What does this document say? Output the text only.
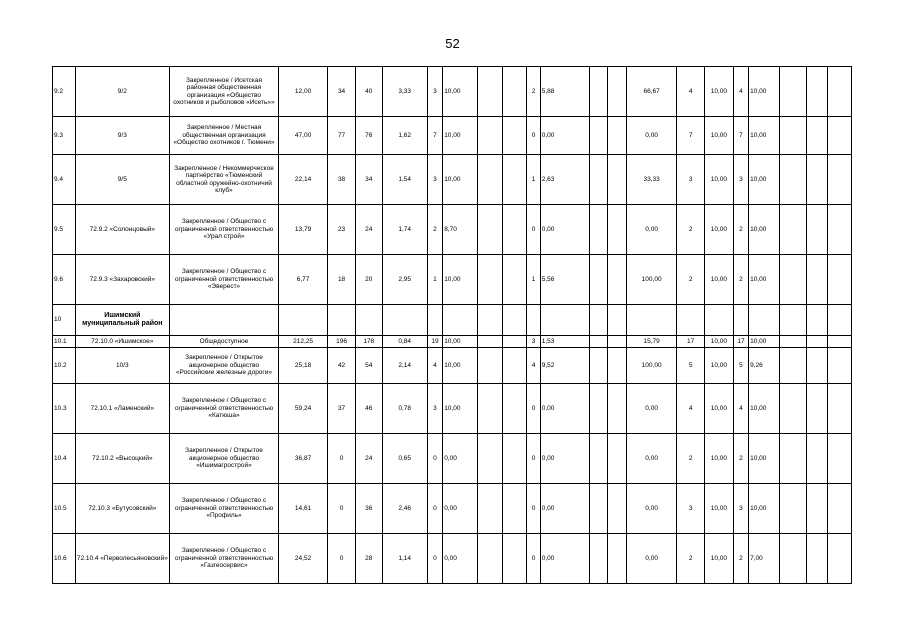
52
9.2	9/2	Закрепленное / Исетская районная общественная организация «Общество охотников и рыболовов «Исеть»»	12,00	34	40	3,33	3	10,00			2	5,88			66,67	4	10,00	4	10,00			
9.3	9/3	Закрепленное / Местная общественная организация «Общество охотников г. Тюмени»	47,00	77	76	1,62	7	10,00			0	0,00			0,00	7	10,00	7	10,00			
9.4	9/5	Закрепленное / Некоммерческое партнёрство «Тюменский областной оружейно-охотничий клуб»	22,14	38	34	1,54	3	10,00			1	2,63			33,33	3	10,00	3	10,00			
9.5	72.9.2 «Солонцовый»	Закрепленное / Общество с ограниченной ответственностью «Урал строй»	13,79	23	24	1,74	2	8,70			0	0,00			0,00	2	10,00	2	10,00			
9.6	72.9.3 «Захаровский»	Закрепленное / Общество с ограниченной ответственностью «Эверест»	6,77	18	20	2,95	1	10,00			1	5,56			100,00	2	10,00	2	10,00			
10	Ишимский муниципальный район																					
10.1	72.10.0 «Ишимское»	Общедоступное	212,25	196	178	0,84	19	10,00			3	1,53			15,79	17	10,00	17	10,00			
10.2	10/3	Закрепленное / Открытое акционерное общество «Российские железные дороги»	25,18	42	54	2,14	4	10,00			4	9,52			100,00	5	10,00	5	9,26			
10.3	72.10.1 «Ламенский»	Закрепленное / Общество с ограниченной ответственностью «Катюша»	59,24	37	46	0,78	3	10,00			0	0,00			0,00	4	10,00	4	10,00			
10.4	72.10.2 «Высоцкий»	Закрепленное / Открытое акционерное общество «Ишимагрострой»	36,87	0	24	0,65	0	0,00			0	0,00			0,00	2	10,00	2	10,00			
10.5	72.10.3 «Бутусовский»	Закрепленное / Общество с ограниченной ответственностью «Профиль»	14,61	0	36	2,46	0	0,00			0	0,00			0,00	3	10,00	3	10,00			
10.6	72.10.4 «Перволесьяновский»	Закрепленное / Общество с ограниченной ответственностью «Газгеосервис»	24,52	0	28	1,14	0	0,00			0	0,00			0,00	2	10,00	2	7,00			
